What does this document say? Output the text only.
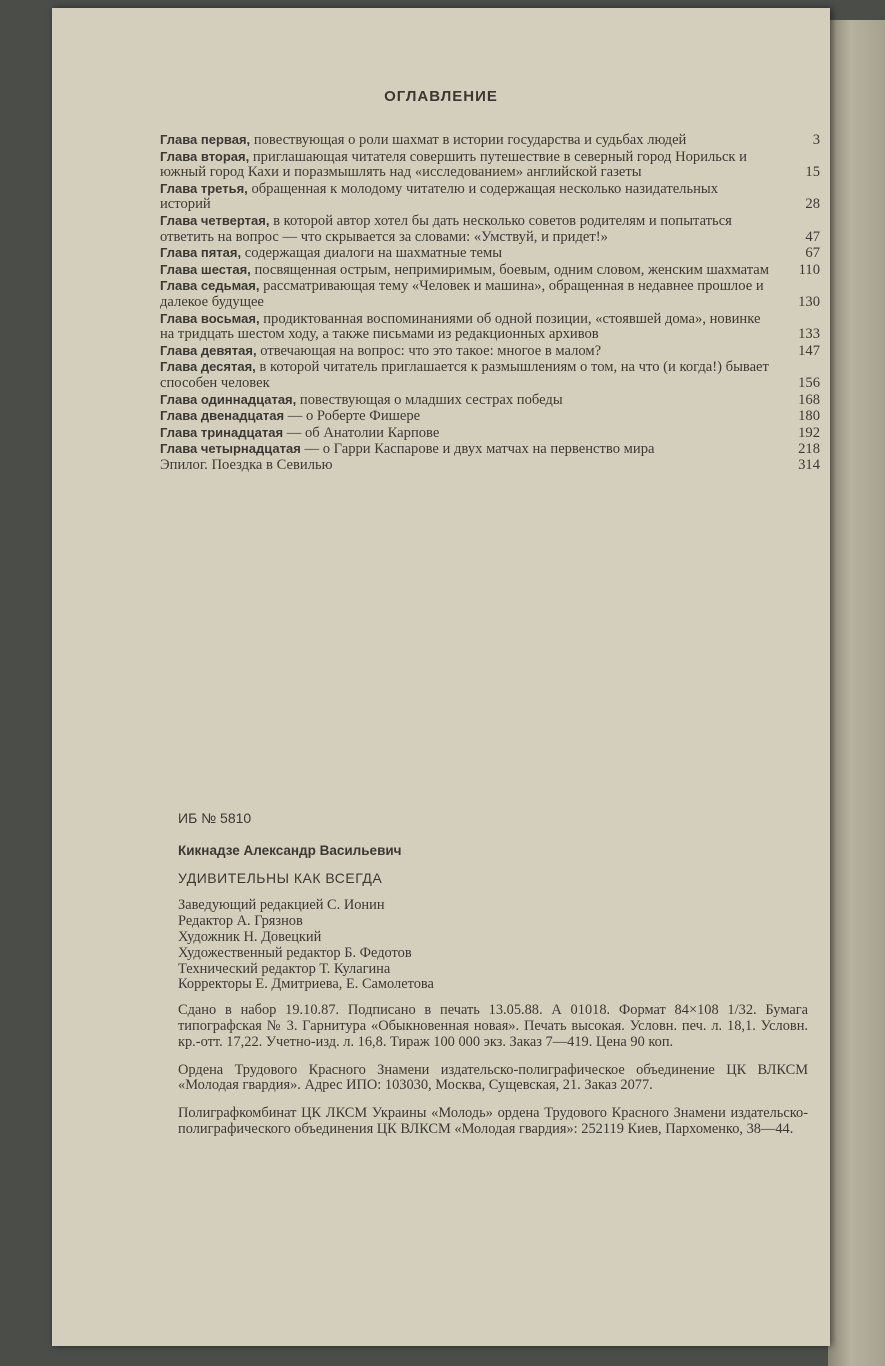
ОГЛАВЛЕНИЕ
Глава первая, повествующая о роли шахмат в истории государства и судьбах людей	3
Глава вторая, приглашающая читателя совершить путешествие в северный город Норильск и южный город Кахи и поразмышлять над «исследованием» английской газеты	15
Глава третья, обращенная к молодому читателю и содержащая несколько назидательных историй	28
Глава четвертая, в которой автор хотел бы дать несколько советов родителям и попытаться ответить на вопрос — что скрывается за словами: «Умствуй, и придет!»	47
Глава пятая, содержащая диалоги на шахматные темы	67
Глава шестая, посвященная острым, непримиримым, боевым, одним словом, женским шахматам	110
Глава седьмая, рассматривающая тему «Человек и машина», обращенная в недавнее прошлое и далекое будущее	130
Глава восьмая, продиктованная воспоминаниями об одной позиции, «стоявшей дома», новинке на тридцать шестом ходу, а также письмами из редакционных архивов	133
Глава девятая, отвечающая на вопрос: что это такое: многое в малом?	147
Глава десятая, в которой читатель приглашается к размышлениям о том, на что (и когда!) бывает способен человек	156
Глава одиннадцатая, повествующая о младших сестрах победы	168
Глава двенадцатая — о Роберте Фишере	180
Глава тринадцатая — об Анатолии Карпове	192
Глава четырнадцатая — о Гарри Каспарове и двух матчах на первенство мира	218
Эпилог. Поездка в Севилью	314
ИБ № 5810
Кикнадзе Александр Васильевич
УДИВИТЕЛЬНЫ КАК ВСЕГДА
Заведующий редакцией С. Ионин
Редактор А. Грязнов
Художник Н. Довецкий
Художественный редактор Б. Федотов
Технический редактор Т. Кулагина
Корректоры Е. Дмитриева, Е. Самолетова
Сдано в набор 19.10.87. Подписано в печать 13.05.88. А 01018. Формат 84×108 1/32. Бумага типографская № 3. Гарнитура «Обыкновенная новая». Печать высокая. Условн. печ. л. 18,1. Условн. кр.-отт. 17,22. Учетно-изд. л. 16,8. Тираж 100 000 экз. Заказ 7—419. Цена 90 коп.
Ордена Трудового Красного Знамени издательско-полиграфическое объединение ЦК ВЛКСМ «Молодая гвардия». Адрес ИПО: 103030, Москва, Сущевская, 21. Заказ 2077.
Полиграфкомбинат ЦК ЛКСМ Украины «Молодь» ордена Трудового Красного Знамени издательско-полиграфического объединения ЦК ВЛКСМ «Молодая гвардия»: 252119 Киев, Пархоменко, 38—44.
